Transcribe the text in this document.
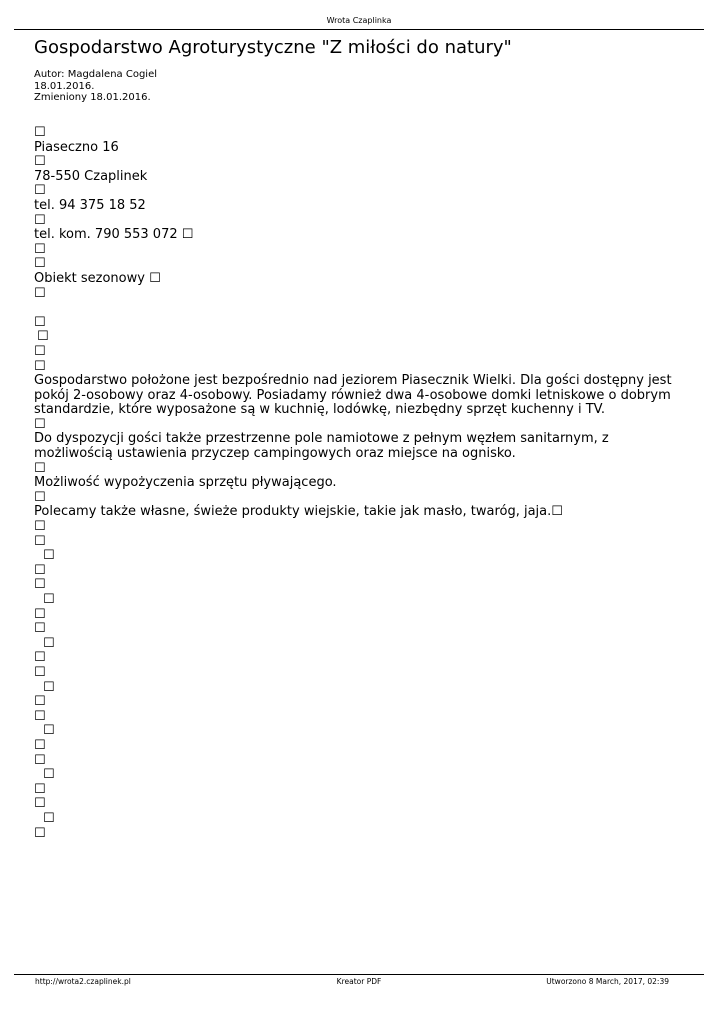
Wrota Czaplinka
Gospodarstwo Agroturystyczne "Z miłości do natury"
Autor: Magdalena Cogiel
18.01.2016.
Zmieniony 18.01.2016.
☐
Piaseczno 16
☐
78-550 Czaplinek
☐
tel. 94 375 18 52
☐
tel. kom. 790 553 072 ☐
☐
☐
Obiekt sezonowy ☐
☐
☐
☐
☐
☐
Gospodarstwo położone jest bezpośrednio nad jeziorem Piasecznik Wielki. Dla gości dostępny jest pokój 2-osobowy oraz 4-osobowy. Posiadamy również dwa 4-osobowe domki letniskowe o dobrym standardzie, które wyposażone są w kuchnię, lodówkę, niezbędny sprzęt kuchenny i TV.
☐
Do dyspozycji gości także przestrzenne pole namiotowe z pełnym węzłem sanitarnym, z możliwością ustawienia przyczep campingowych oraz miejsce na ognisko.
☐
Możliwość wypożyczenia sprzętu pływającego.
☐
Polecamy także własne, świeże produkty wiejskie, takie jak masło, twaróg, jaja.☐
☐
☐
☐
☐
☐
☐
☐
☐
☐
☐
☐
☐
☐
☐
☐
☐
☐
☐
☐
☐
☐
☐
http://wrota2.czaplinek.pl	Kreator PDF	Utworzono 8 March, 2017, 02:39
